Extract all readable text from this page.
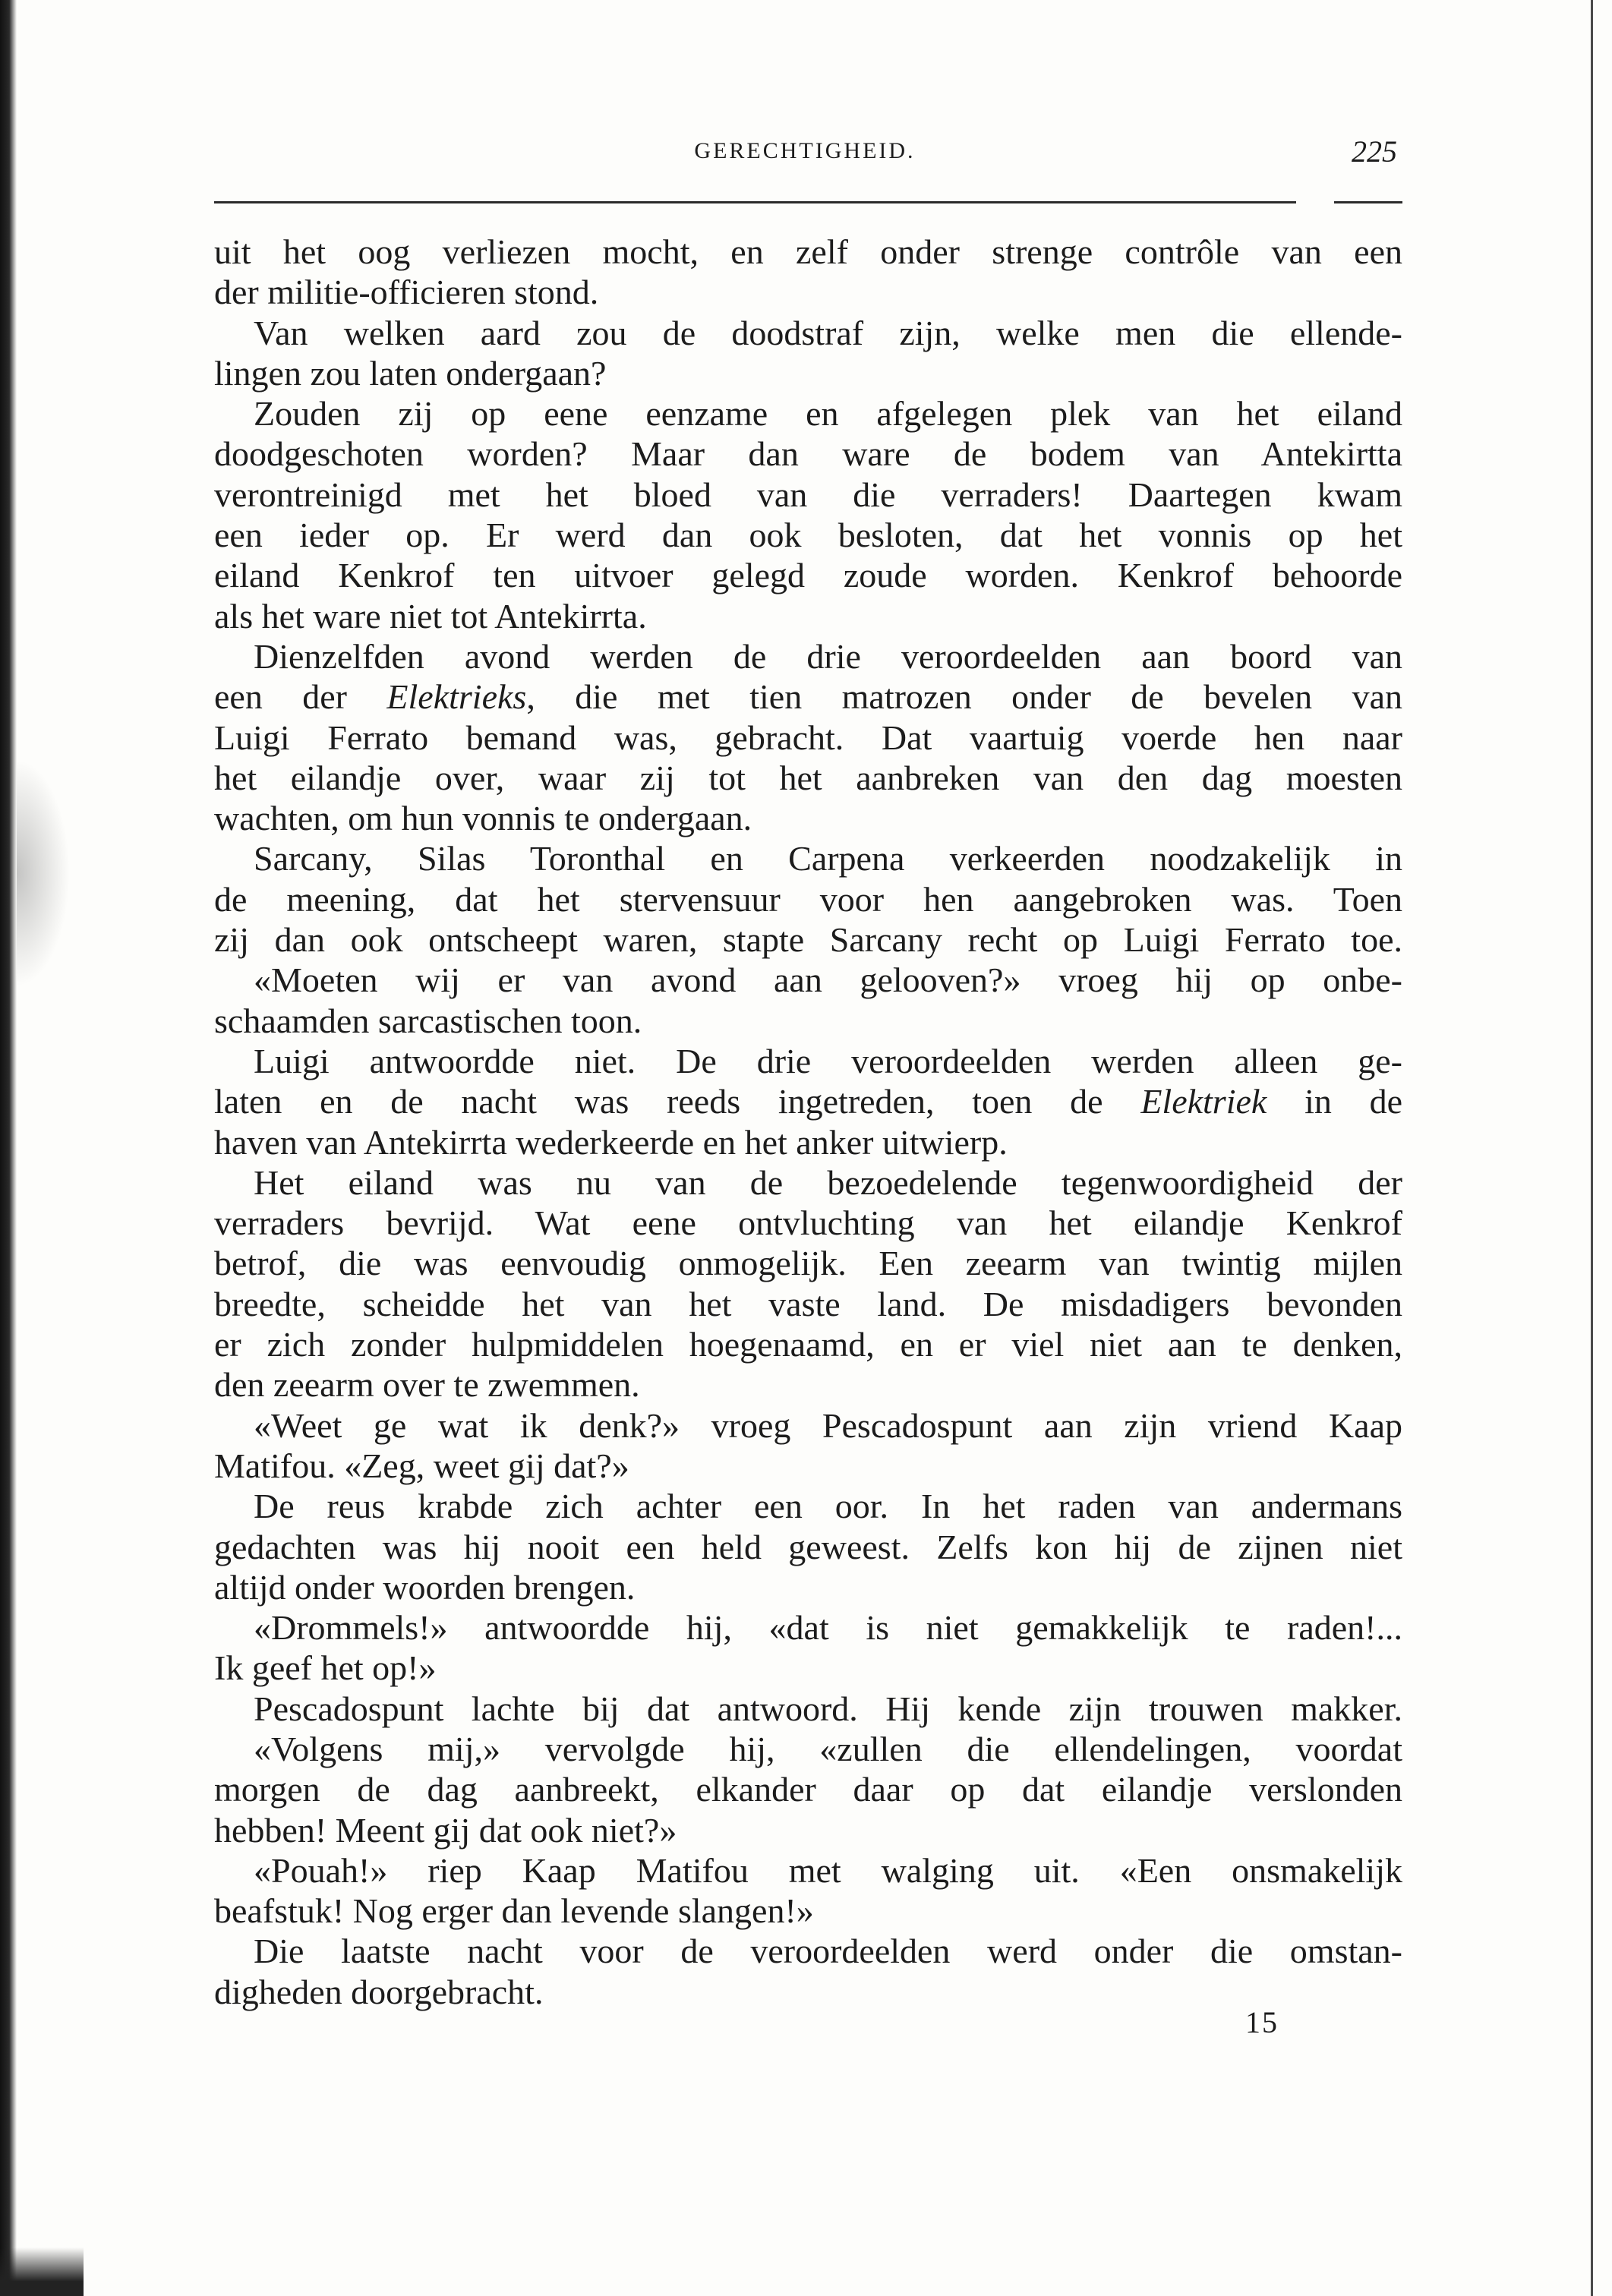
GERECHTIGHEID.	225
uit het oog verliezen mocht, en zelf onder strenge contrôle van een
der militie-officieren stond.
Van welken aard zou de doodstraf zijn, welke men die ellende-
lingen zou laten ondergaan?
Zouden zij op eene eenzame en afgelegen plek van het eiland
doodgeschoten worden? Maar dan ware de bodem van Antekirtta
verontreinigd met het bloed van die verraders! Daartegen kwam
een ieder op. Er werd dan ook besloten, dat het vonnis op het
eiland Kenkrof ten uitvoer gelegd zoude worden. Kenkrof behoorde
als het ware niet tot Antekirrta.
Dienzelfden avond werden de drie veroordeelden aan boord van
een der Elektrieks, die met tien matrozen onder de bevelen van
Luigi Ferrato bemand was, gebracht. Dat vaartuig voerde hen naar
het eilandje over, waar zij tot het aanbreken van den dag moesten
wachten, om hun vonnis te ondergaan.
Sarcany, Silas Toronthal en Carpena verkeerden noodzakelijk in
de meening, dat het stervensuur voor hen aangebroken was. Toen
zij dan ook ontscheept waren, stapte Sarcany recht op Luigi Ferrato toe.
«Moeten wij er van avond aan gelooven?» vroeg hij op onbe-
schaamden sarcastischen toon.
Luigi antwoordde niet. De drie veroordeelden werden alleen ge-
laten en de nacht was reeds ingetreden, toen de Elektriek in de
haven van Antekirrta wederkeerde en het anker uitwierp.
Het eiland was nu van de bezoedelende tegenwoordigheid der
verraders bevrijd. Wat eene ontvluchting van het eilandje Kenkrof
betrof, die was eenvoudig onmogelijk. Een zeearm van twintig mijlen
breedte, scheidde het van het vaste land. De misdadigers bevonden
er zich zonder hulpmiddelen hoegenaamd, en er viel niet aan te denken,
den zeearm over te zwemmen.
«Weet ge wat ik denk?» vroeg Pescadospunt aan zijn vriend Kaap
Matifou. «Zeg, weet gij dat?»
De reus krabde zich achter een oor. In het raden van andermans
gedachten was hij nooit een held geweest. Zelfs kon hij de zijnen niet
altijd onder woorden brengen.
«Drommels!» antwoordde hij, «dat is niet gemakkelijk te raden!...
Ik geef het op!»
Pescadospunt lachte bij dat antwoord. Hij kende zijn trouwen makker.
«Volgens mij,» vervolgde hij, «zullen die ellendelingen, voordat
morgen de dag aanbreekt, elkander daar op dat eilandje verslonden
hebben! Meent gij dat ook niet?»
«Pouah!» riep Kaap Matifou met walging uit. «Een onsmakelijk
beafstuk! Nog erger dan levende slangen!»
Die laatste nacht voor de veroordeelden werd onder die omstan-
digheden doorgebracht.
15
